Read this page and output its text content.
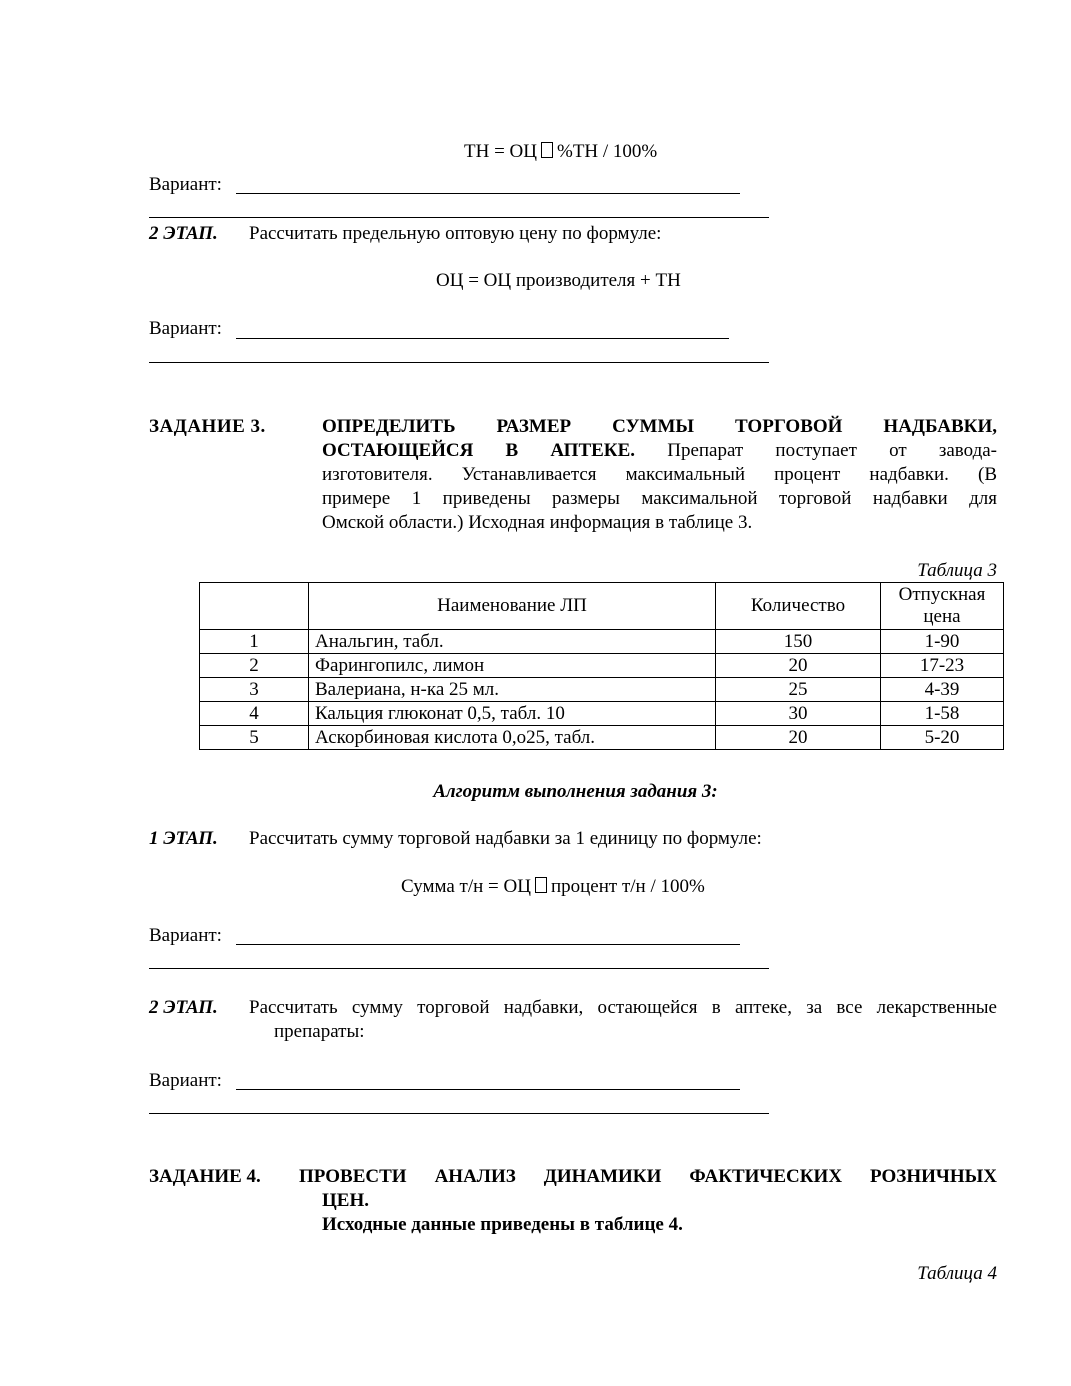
ТН = ОЦ %ТН / 100%
Вариант:
2 ЭТАП. Рассчитать предельную оптовую цену по формуле:
ОЦ = ОЦ производителя + ТН
Вариант:
ЗАДАНИЕ 3.	ОПРЕДЕЛИТЬ РАЗМЕР СУММЫ ТОРГОВОЙ НАДБАВКИ,
ОСТАЮЩЕЙСЯ В АПТЕКЕ. Препарат поступает от завода-
изготовителя. Устанавливается максимальный процент надбавки. (В
примере 1 приведены размеры максимальной торговой надбавки для
Омской области.) Исходная информация в таблице 3.
Таблица 3
	Наименование ЛП	Количество	Отпускная цена
1	Анальгин, табл.	150	1-90
2	Фарингопилс, лимон	20	17-23
3	Валериана, н-ка 25 мл.	25	4-39
4	Кальция глюконат 0,5, табл. 10	30	1-58
5	Аскорбиновая кислота 0,о25, табл.	20	5-20
Алгоритм выполнения задания 3:
1 ЭТАП. Рассчитать сумму торговой надбавки за 1 единицу по формуле:
Сумма т/н = ОЦ процент т/н / 100%
Вариант:
2 ЭТАП. Рассчитать сумму торговой надбавки, остающейся в аптеке, за все лекарственные
препараты:
Вариант:
ЗАДАНИЕ 4. ПРОВЕСТИ АНАЛИЗ ДИНАМИКИ ФАКТИЧЕСКИХ РОЗНИЧНЫХ
ЦЕН.
Исходные данные приведены в таблице 4.
Таблица 4
